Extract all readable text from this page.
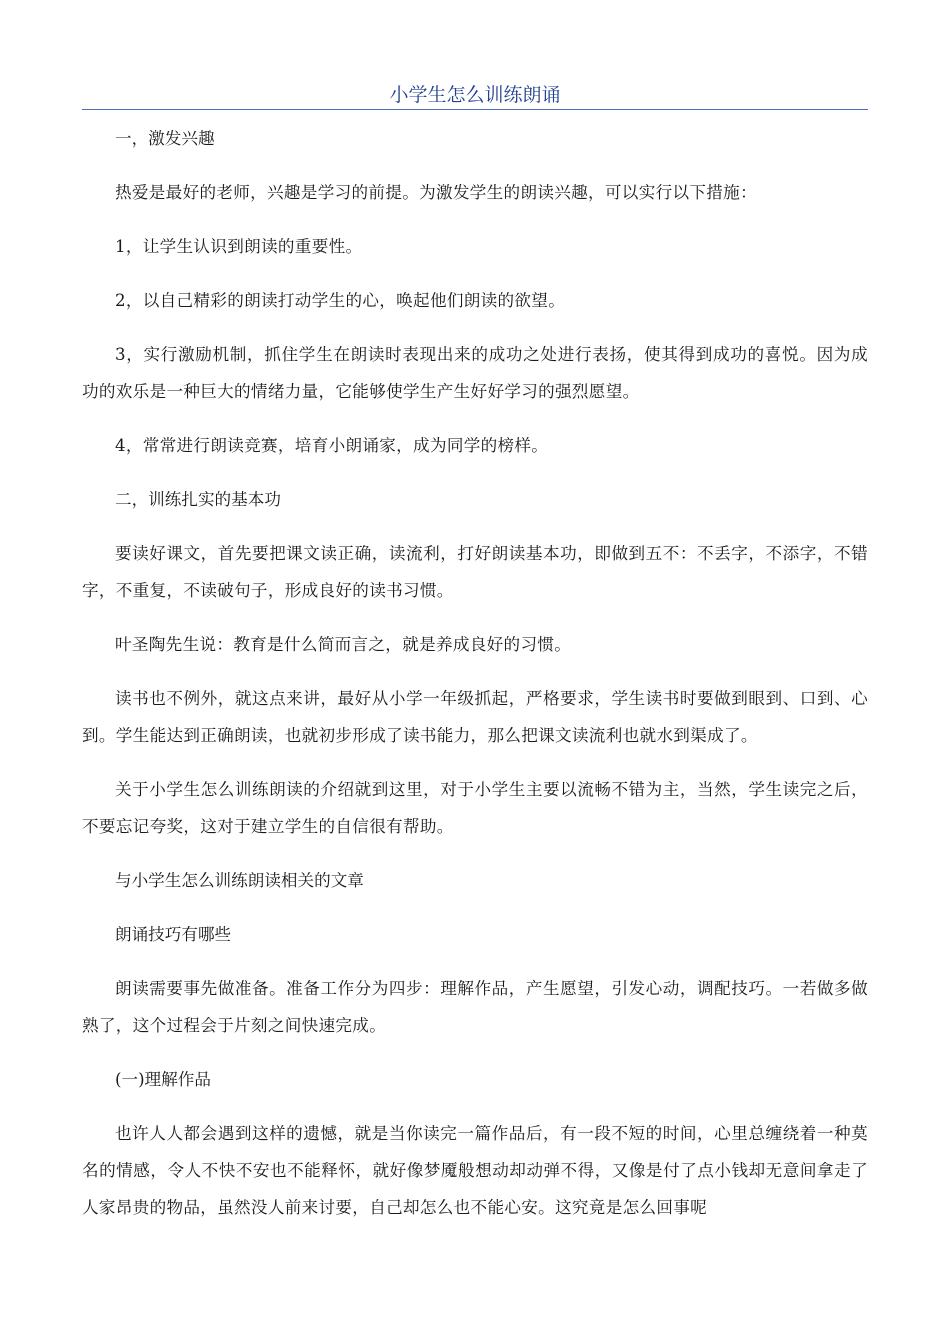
小学生怎么训练朗诵

一，激发兴趣

热爱是最好的老师，兴趣是学习的前提。为激发学生的朗读兴趣，可以实行以下措施：

1，让学生认识到朗读的重要性。

2，以自己精彩的朗读打动学生的心，唤起他们朗读的欲望。

3，实行激励机制，抓住学生在朗读时表现出来的成功之处进行表扬，使其得到成功的喜悦。因为成功的欢乐是一种巨大的情绪力量，它能够使学生产生好好学习的强烈愿望。

4，常常进行朗读竞赛，培育小朗诵家，成为同学的榜样。

二，训练扎实的基本功

要读好课文，首先要把课文读正确，读流利，打好朗读基本功，即做到五不：不丢字，不添字，不错字，不重复，不读破句子，形成良好的读书习惯。

叶圣陶先生说：教育是什么简而言之，就是养成良好的习惯。

读书也不例外，就这点来讲，最好从小学一年级抓起，严格要求，学生读书时要做到眼到、口到、心到。学生能达到正确朗读，也就初步形成了读书能力，那么把课文读流利也就水到渠成了。

关于小学生怎么训练朗读的介绍就到这里，对于小学生主要以流畅不错为主，当然，学生读完之后，不要忘记夸奖，这对于建立学生的自信很有帮助。

与小学生怎么训练朗读相关的文章

朗诵技巧有哪些

朗读需要事先做准备。准备工作分为四步：理解作品，产生愿望，引发心动，调配技巧。一若做多做熟了，这个过程会于片刻之间快速完成。

(一)理解作品

也许人人都会遇到这样的遗憾，就是当你读完一篇作品后，有一段不短的时间，心里总缠绕着一种莫名的情感，令人不快不安也不能释怀，就好像梦魇般想动却动弹不得，又像是付了点小钱却无意间拿走了人家昂贵的物品，虽然没人前来讨要，自己却怎么也不能心安。这究竟是怎么回事呢
